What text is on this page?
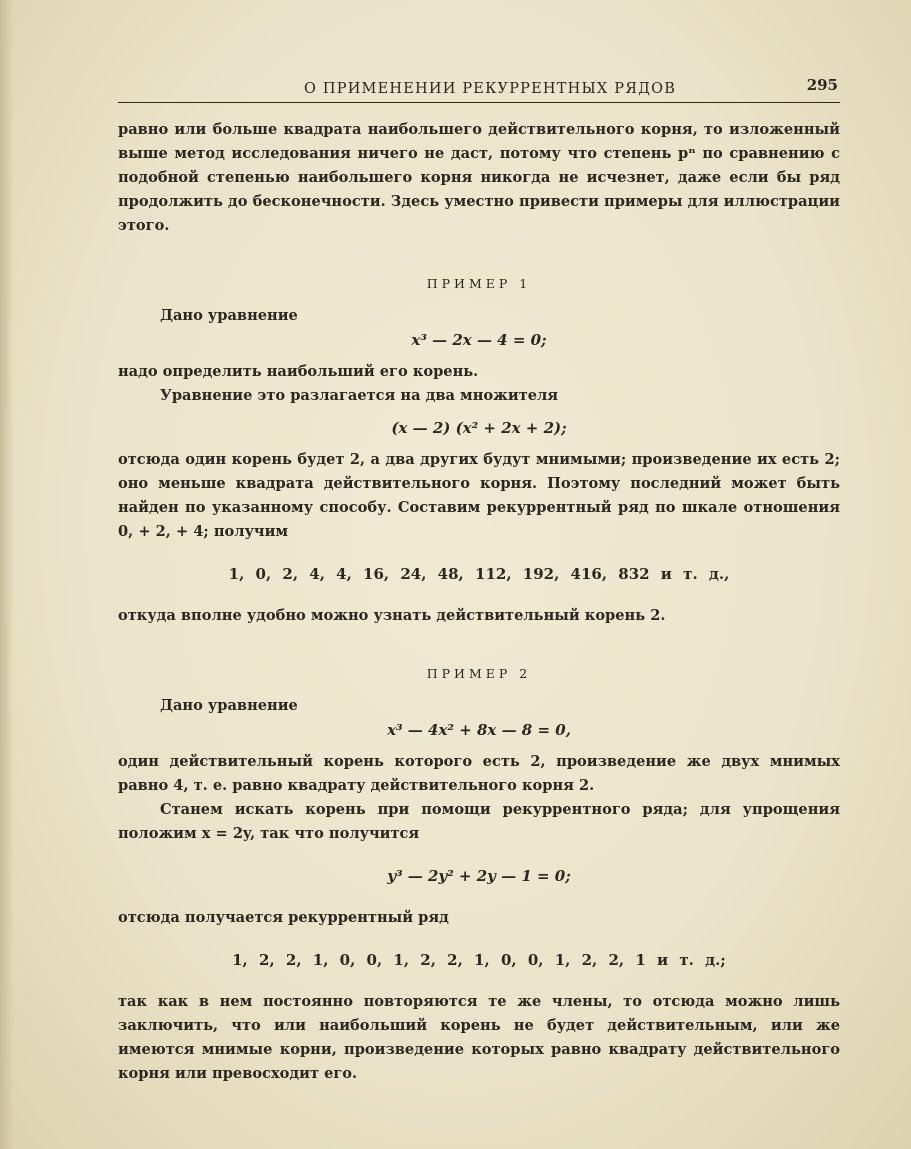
О ПРИМЕНЕНИИ РЕКУРРЕНТНЫХ РЯДОВ	295

равно или больше квадрата наибольшего действительного корня, то изложенный выше метод исследования ничего не даст, потому что степень pⁿ по сравнению с подобной степенью наибольшего корня никогда не исчезнет, даже если бы ряд продолжить до бесконечности. Здесь уместно привести примеры для иллюстрации этого.

ПРИМЕР 1

Дано уравнение

x³ — 2x — 4 = 0;

надо определить наибольший его корень.

Уравнение это разлагается на два множителя

(x — 2) (x² + 2x + 2);

отсюда один корень будет 2, а два других будут мнимыми; произведение их есть 2; оно меньше квадрата действительного корня. Поэтому последний может быть найден по указанному способу. Составим рекуррентный ряд по шкале отношения 0, + 2, + 4; получим

1, 0, 2, 4, 4, 16, 24, 48, 112, 192, 416, 832 и т. д.,

откуда вполне удобно можно узнать действительный корень 2.

ПРИМЕР 2

Дано уравнение

x³ — 4x² + 8x — 8 = 0,

один действительный корень которого есть 2, произведение же двух мнимых равно 4, т. е. равно квадрату действительного корня 2.

Станем искать корень при помощи рекуррентного ряда; для упрощения положим x = 2y, так что получится

y³ — 2y² + 2y — 1 = 0;

отсюда получается рекуррентный ряд

1, 2, 2, 1, 0, 0, 1, 2, 2, 1, 0, 0, 1, 2, 2, 1 и т. д.;

так как в нем постоянно повторяются те же члены, то отсюда можно лишь заключить, что или наибольший корень не будет действительным, или же имеются мнимые корни, произведение которых равно квадрату действительного корня или превосходит его.
